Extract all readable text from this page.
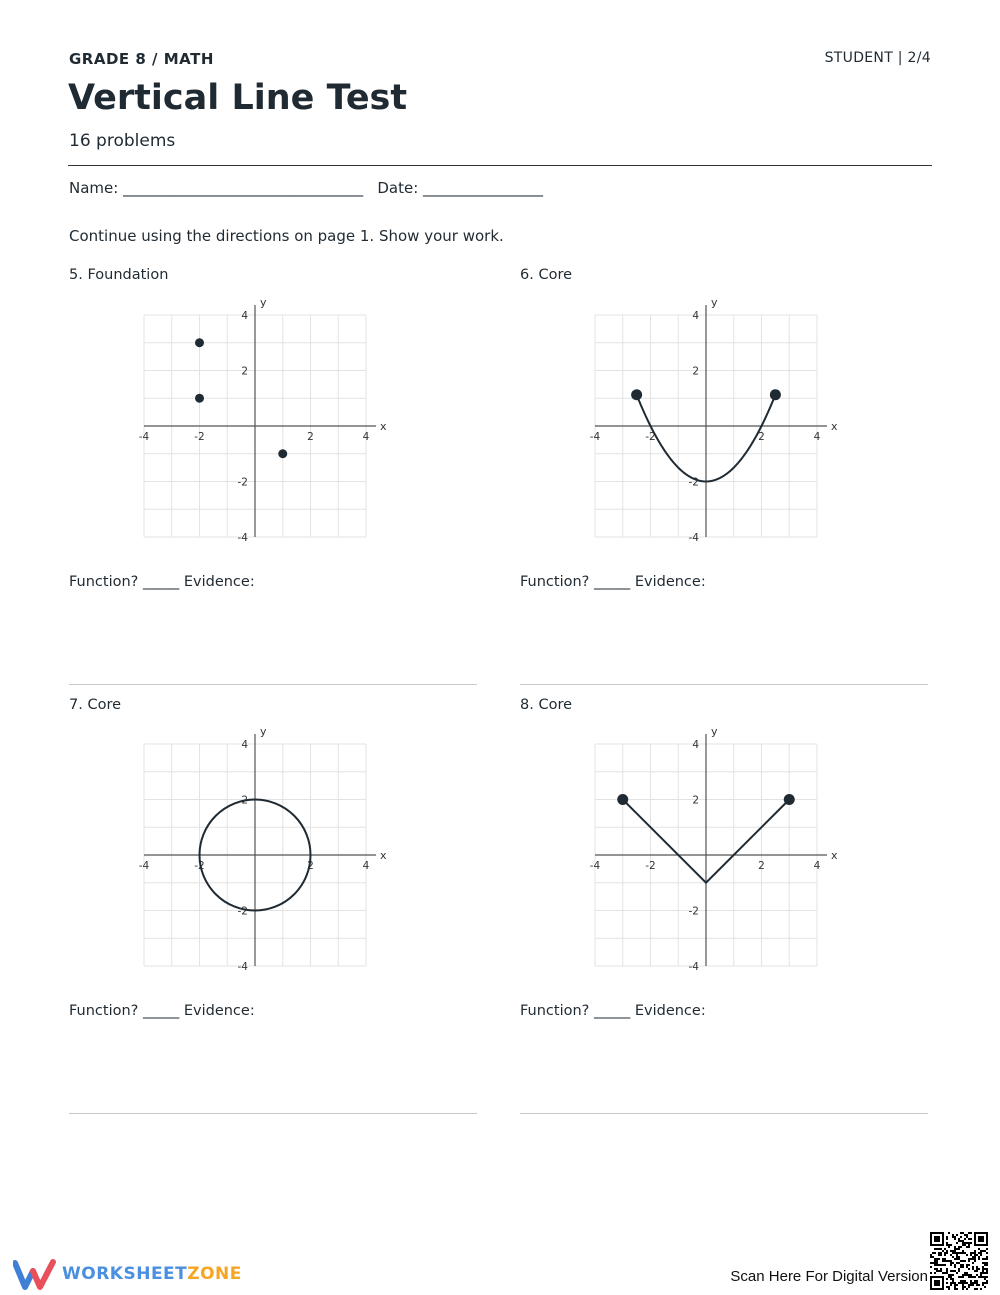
GRADE 8 / MATH	STUDENT | 2/4
Vertical Line Test
16 problems
Name: ________________________________   Date: ________________
Continue using the directions on page 1. Show your work.
5. Foundation
x
y
-4
-4
-2
-2
2
2
4
4
Function? _____ Evidence:
6. Core
x
y
-4
-4
-2
-2
2
2
4
4
Function? _____ Evidence:
7. Core
x
y
-4
-4
-2
-2
2
2
4
4
Function? _____ Evidence:
8. Core
x
y
-4
-4
-2
-2
2
2
4
4
Function? _____ Evidence:
WORKSHEETZONE	Scan Here For Digital Version
